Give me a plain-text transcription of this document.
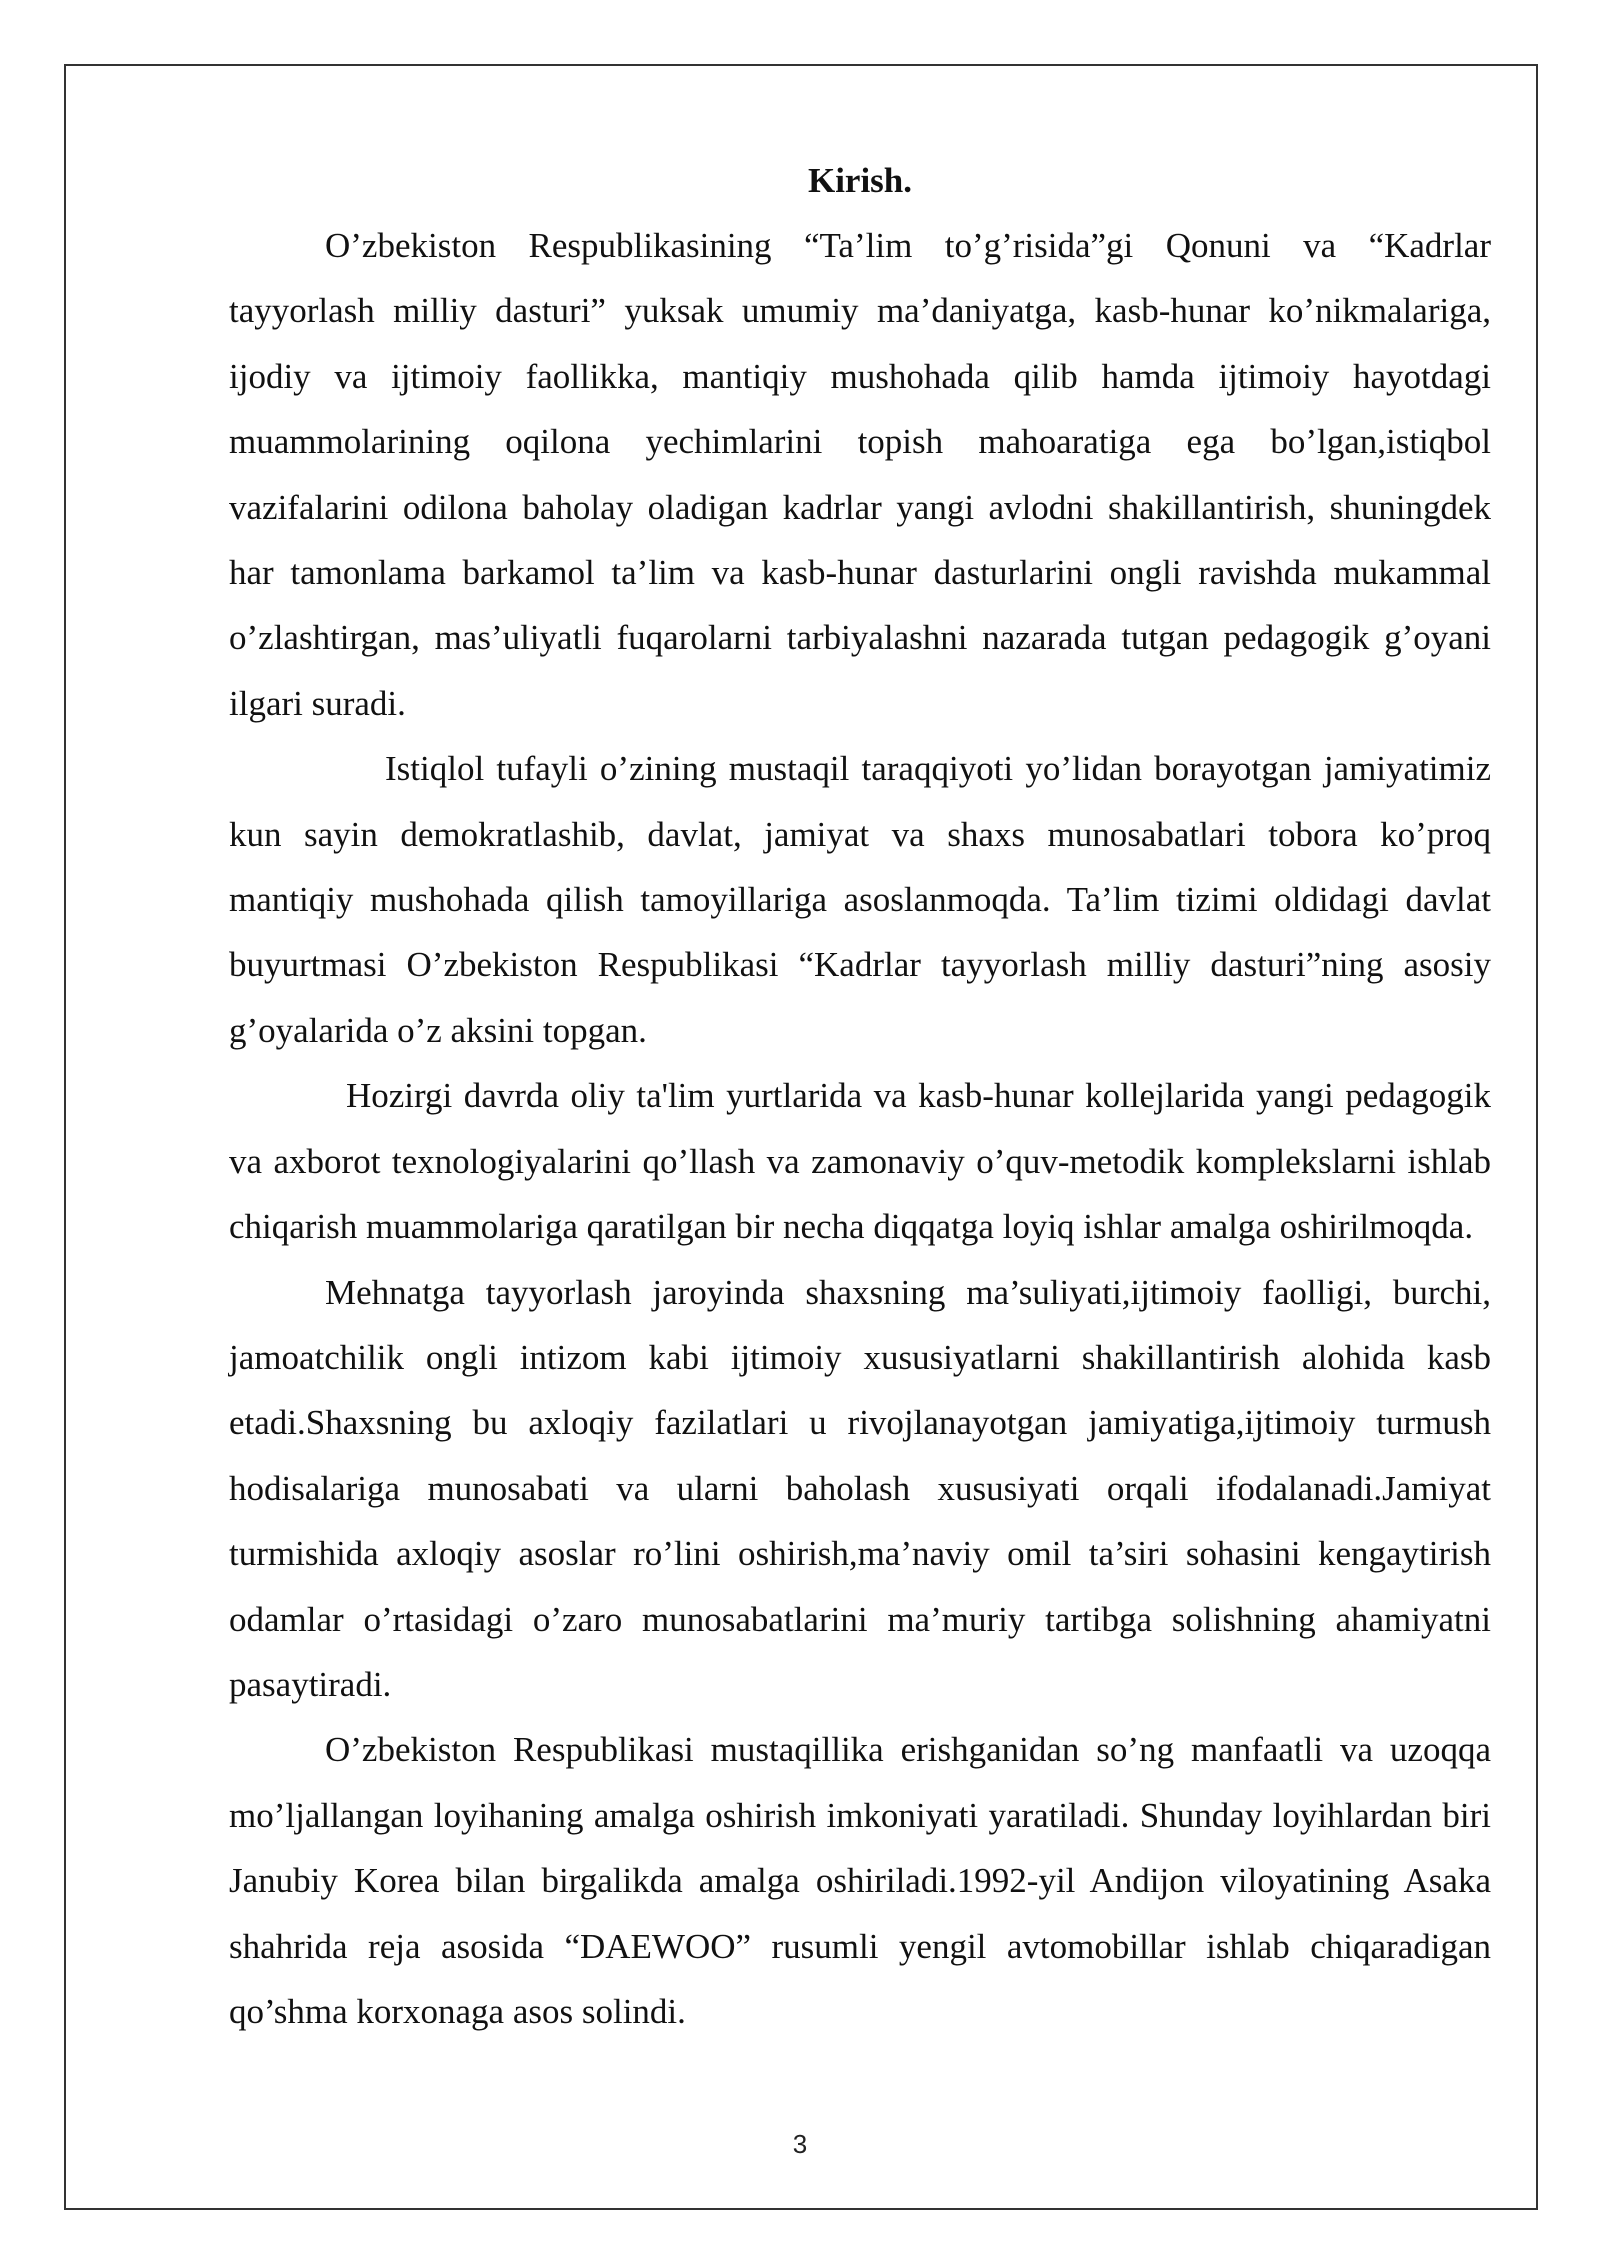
Kirish.

O’zbekiston Respublikasining “Ta’lim to’g’risida”gi Qonuni va “Kadrlar tayyorlash milliy dasturi” yuksak umumiy ma’daniyatga, kasb-hunar ko’nikmalariga, ijodiy va ijtimoiy faollikka, mantiqiy mushohada qilib hamda ijtimoiy hayotdagi muammolarining oqilona yechimlarini topish mahoaratiga ega bo’lgan,istiqbol vazifalarini odilona baholay oladigan kadrlar yangi avlodni shakillantirish, shuningdek har tamonlama barkamol ta’lim va kasb-hunar dasturlarini ongli ravishda mukammal o’zlashtirgan, mas’uliyatli fuqarolarni tarbiyalashni nazarada tutgan pedagogik g’oyani ilgari suradi.

Istiqlol tufayli o’zining mustaqil taraqqiyoti yo’lidan borayotgan jamiyatimiz kun sayin demokratlashib, davlat, jamiyat va shaxs munosabatlari tobora ko’proq mantiqiy mushohada qilish tamoyillariga asoslanmoqda. Ta’lim tizimi oldidagi davlat buyurtmasi O’zbekiston Respublikasi “Kadrlar tayyorlash milliy dasturi”ning asosiy g’oyalarida o’z aksini topgan.

Hozirgi davrda oliy ta'lim yurtlarida va kasb-hunar kollejlarida yangi pedagogik va axborot texnologiyalarini qo’llash va zamonaviy o’quv-metodik komplekslarni ishlab chiqarish muammolariga qaratilgan bir necha diqqatga loyiq ishlar amalga oshirilmoqda.

Mehnatga tayyorlash jaroyinda shaxsning ma’suliyati,ijtimoiy faolligi, burchi, jamoatchilik ongli intizom kabi ijtimoiy xususiyatlarni shakillantirish alohida kasb etadi.Shaxsning bu axloqiy fazilatlari u rivojlanayotgan jamiyatiga,ijtimoiy turmush hodisalariga munosabati va ularni baholash xususiyati orqali ifodalanadi.Jamiyat turmishida axloqiy asoslar ro’lini oshirish,ma’naviy omil ta’siri sohasini kengaytirish odamlar o’rtasidagi o’zaro munosabatlarini ma’muriy tartibga solishning ahamiyatni pasaytiradi.

O’zbekiston Respublikasi mustaqillika erishganidan so’ng manfaatli va uzoqqa mo’ljallangan loyihaning amalga oshirish imkoniyati yaratiladi. Shunday loyihlardan biri Janubiy Korea bilan birgalikda amalga oshiriladi.1992-yil Andijon viloyatining Asaka shahrida reja asosida “DAEWOO” rusumli yengil avtomobillar ishlab chiqaradigan qo’shma korxonaga asos solindi.

3
